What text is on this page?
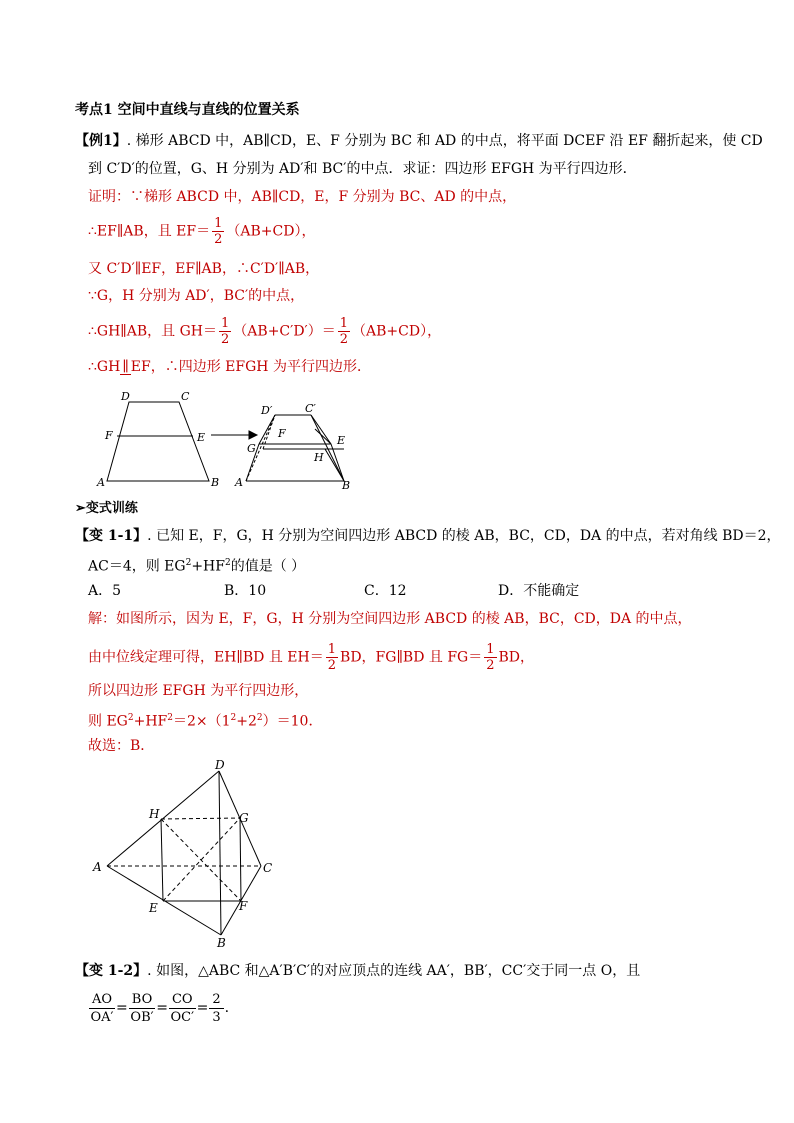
考点1 空间中直线与直线的位置关系
【例1】. 梯形 ABCD 中，AB∥CD，E、F 分别为 BC 和 AD 的中点，将平面 DCEF 沿 EF 翻折起来，使 CD
到 C′D′的位置，G、H 分别为 AD′和 BC′的中点．求证：四边形 EFGH 为平行四边形．
证明：∵梯形 ABCD 中，AB∥CD，E，F 分别为 BC、AD 的中点，
∴EF∥AB，且 $EF= \frac{1}{2} (AB+CD)$，
又 C′D′∥EF，EF∥AB，∴C′D′∥AB，
∵G，H 分别为 AD′，BC′的中点，
∴GH∥AB，且 $GH= \frac{1}{2} (AB+C'D')= \frac{1}{2} (AB+CD)$，
∴GH ∥ EF，∴四边形 EFGH 为平行四边形．
D	C
F	E
A	B
D′	C′
F
E
G
H
A	B
➢变式训练
【变 1-1】. 已知 E，F，G，H 分别为空间四边形 ABCD 的棱 AB，BC，CD，DA 的中点，若对角线 BD＝2，
AC＝4，则 $EG^2+HF^2$的值是（ ）
A．5	B．10	C．12	D．不能确定
解：如图所示，因为 E，F，G，H 分别为空间四边形 ABCD 的棱 AB，BC，CD，DA 的中点，
由中位线定理可得，EH∥BD 且 $EH= \frac{1}{2}$ BD，FG∥BD 且 $FG= \frac{1}{2}$ BD，
所以四边形 EFGH 为平行四边形，
则 $EG^2+HF^2=2\times(1^2+2^2)=10$．
故选：B．
D
H	G
A	C
E	F
B
【变 1-2】. 如图，△ABC 和△A′B′C′的对应顶点的连线 AA′，BB′，CC′交于同一点 O，且
$\frac{AO}{OA'} = \frac{BO}{OB'} = \frac{CO}{OC'} = \frac{2}{3}$ .
